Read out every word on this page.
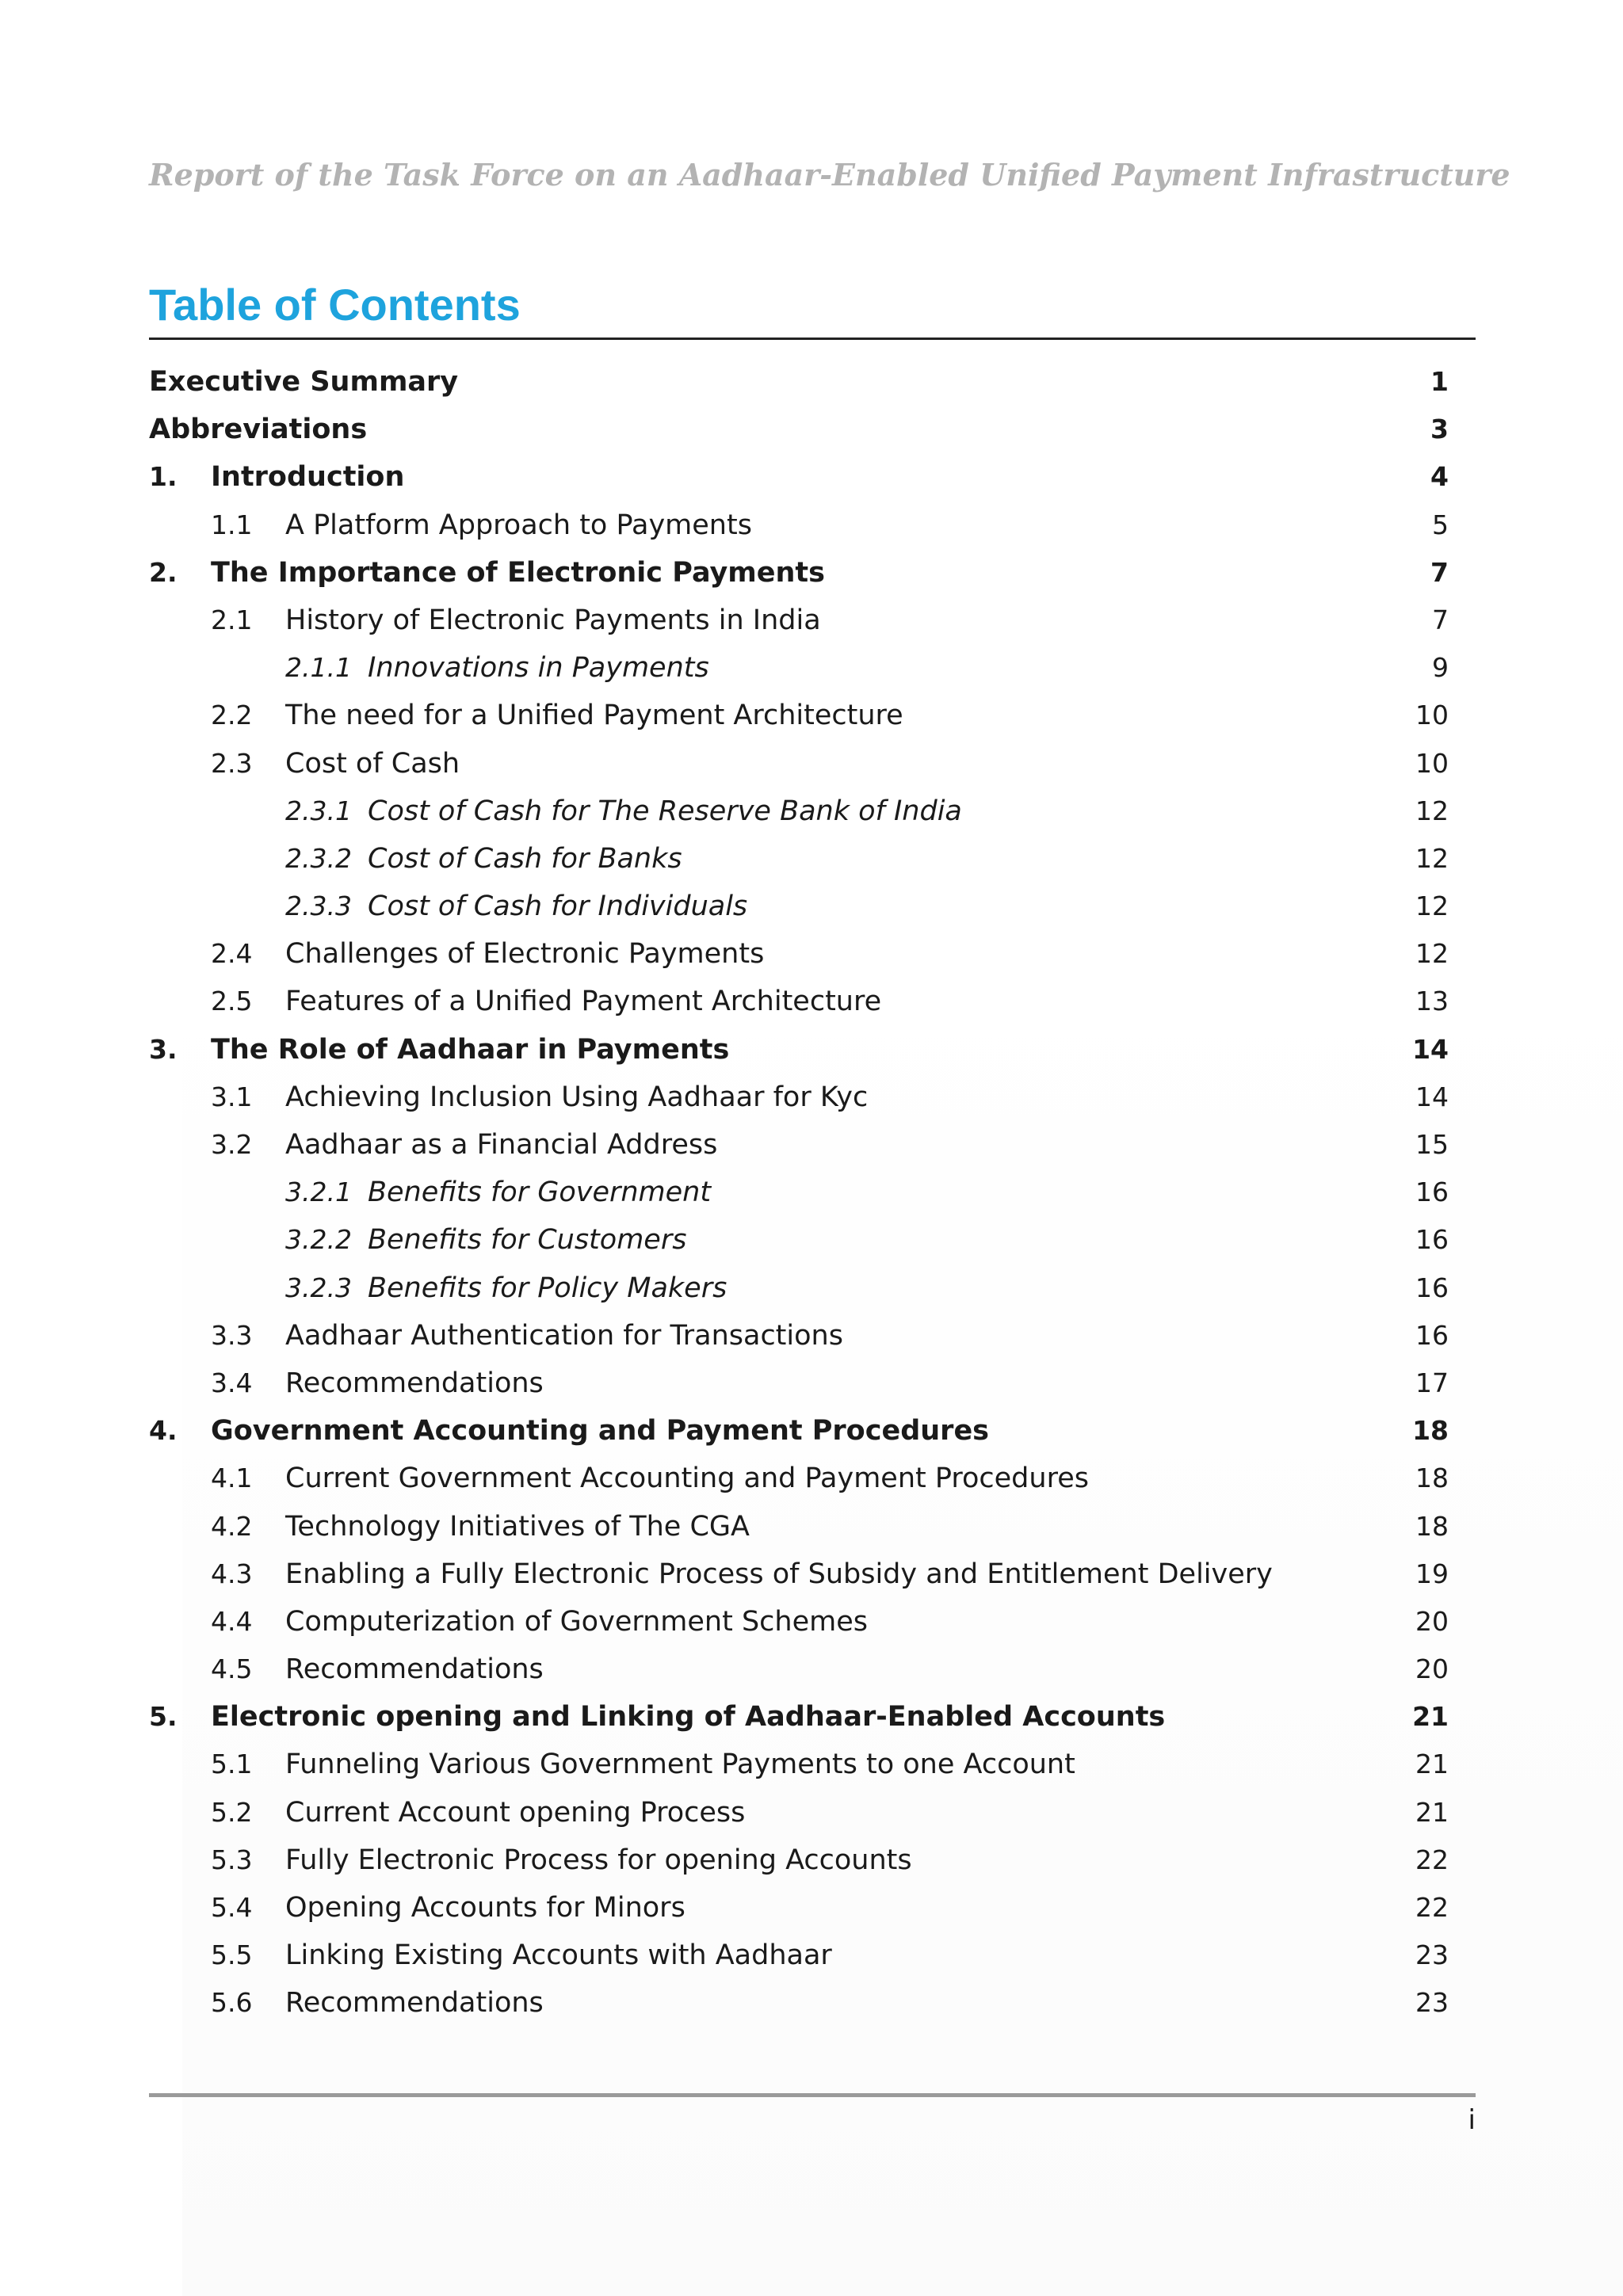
Report of the Task Force on an Aadhaar-Enabled Unified Payment Infrastructure
Table of Contents
Executive Summary	1
Abbreviations	3
1. Introduction	4
1.1 A Platform Approach to Payments	5
2. The Importance of Electronic Payments	7
2.1 History of Electronic Payments in India	7
2.1.1 Innovations in Payments	9
2.2 The need for a Unified Payment Architecture	10
2.3 Cost of Cash	10
2.3.1 Cost of Cash for The Reserve Bank of India	12
2.3.2 Cost of Cash for Banks	12
2.3.3 Cost of Cash for Individuals	12
2.4 Challenges of Electronic Payments	12
2.5 Features of a Unified Payment Architecture	13
3. The Role of Aadhaar in Payments	14
3.1 Achieving Inclusion Using Aadhaar for Kyc	14
3.2 Aadhaar as a Financial Address	15
3.2.1 Benefits for Government	16
3.2.2 Benefits for Customers	16
3.2.3 Benefits for Policy Makers	16
3.3 Aadhaar Authentication for Transactions	16
3.4 Recommendations	17
4. Government Accounting and Payment Procedures	18
4.1 Current Government Accounting and Payment Procedures	18
4.2 Technology Initiatives of The CGA	18
4.3 Enabling a Fully Electronic Process of Subsidy and Entitlement Delivery	19
4.4 Computerization of Government Schemes	20
4.5 Recommendations	20
5. Electronic opening and Linking of Aadhaar-Enabled Accounts	21
5.1 Funneling Various Government Payments to one Account	21
5.2 Current Account opening Process	21
5.3 Fully Electronic Process for opening Accounts	22
5.4 Opening Accounts for Minors	22
5.5 Linking Existing Accounts with Aadhaar	23
5.6 Recommendations	23
i
